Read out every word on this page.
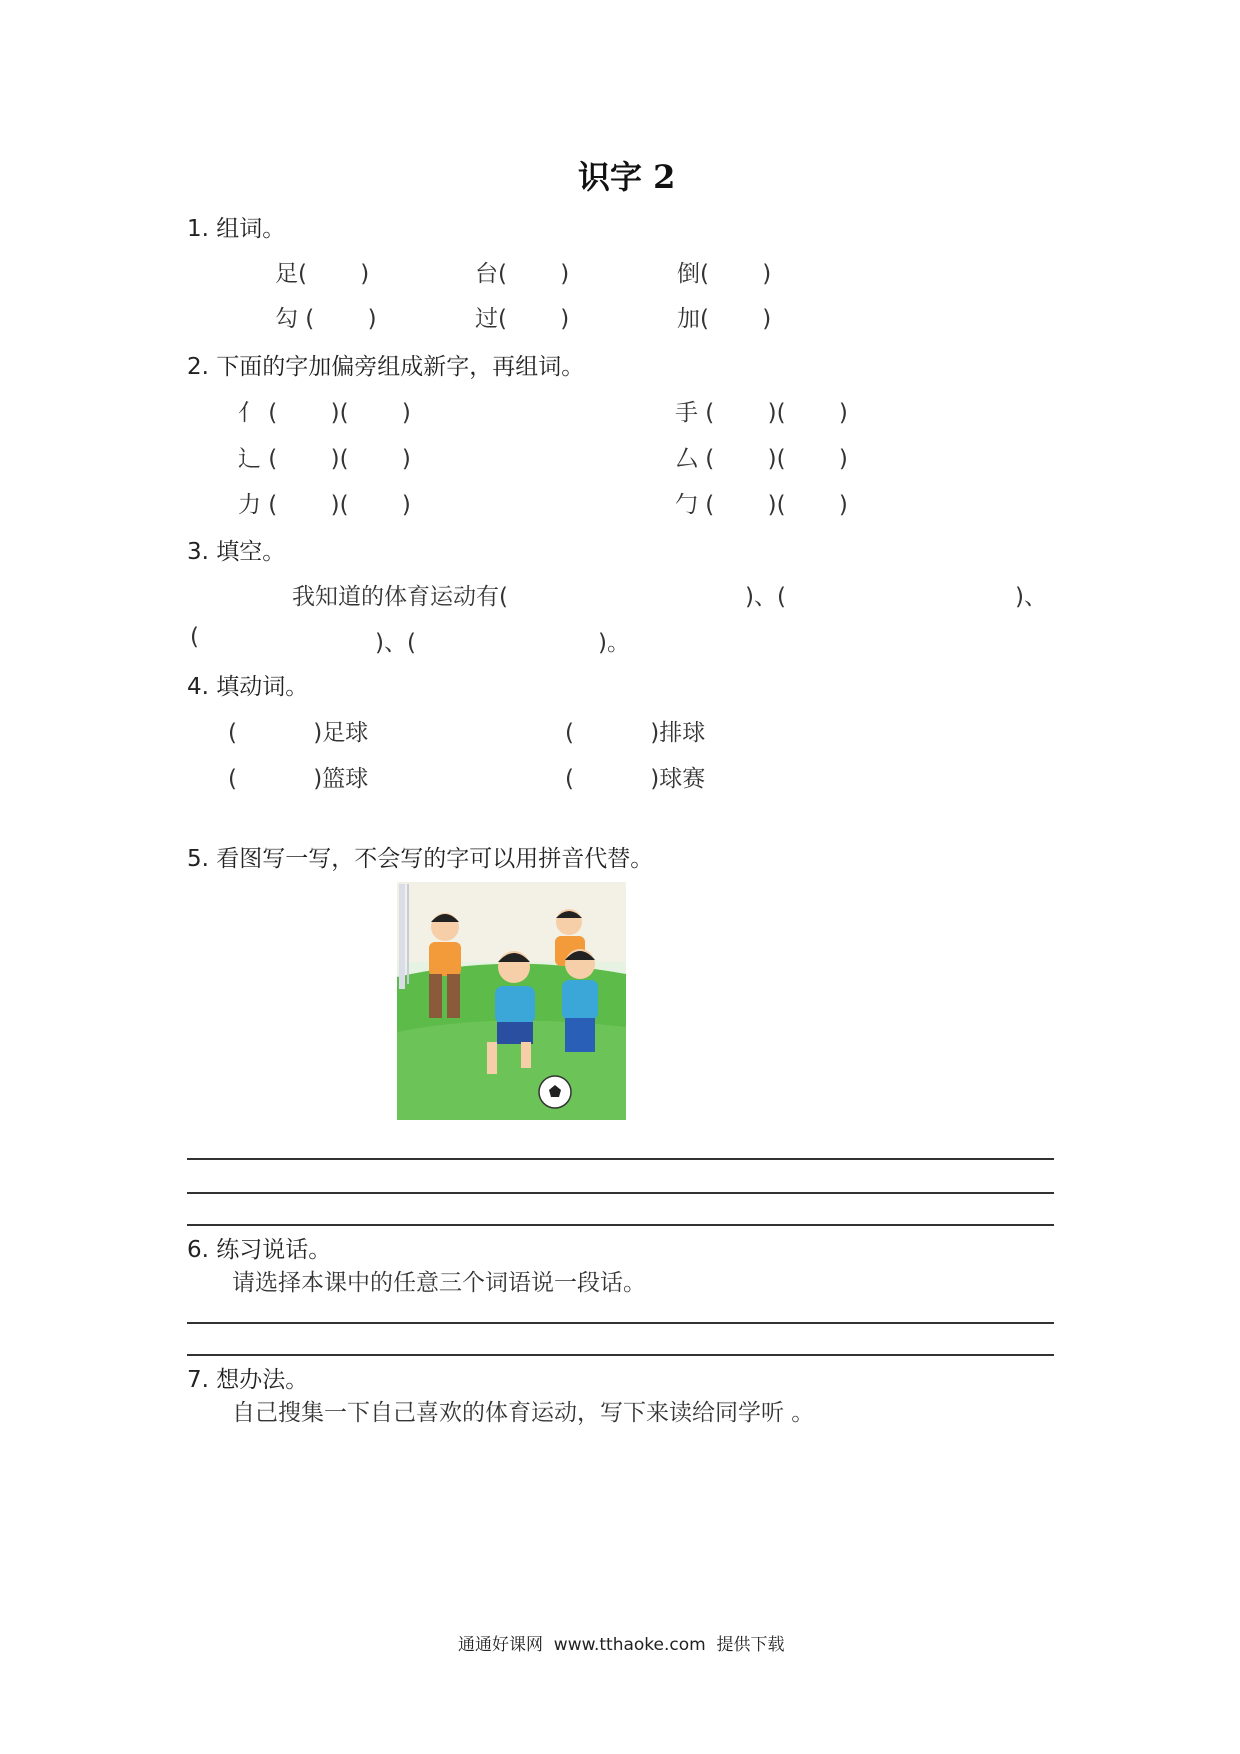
识字 2
1. 组词。
足(　　 )	台(　　 )	倒(　　 )
勾 (　　 )	过(　　 )	加(　　 )
2. 下面的字加偏旁组成新字，再组词。
亻 (　　 )(　　 )	手 (　　 )(　　 )
辶 (　　 )(　　 )	厶 (　　 )(　　 )
力 (　　 )(　　 )	勹 (　　 )(　　 )
3. 填空。
我知道的体育运动有(	)、(	)、
(	)、(	)。
4. 填动词。
(　　　 )足球	(　　　 )排球
(　　　 )篮球	(　　　 )球赛
5. 看图写一写，不会写的字可以用拼音代替。
6. 练习说话。
请选择本课中的任意三个词语说一段话。
7. 想办法。
自己搜集一下自己喜欢的体育运动，写下来读给同学听 。
通通好课网  www.tthaoke.com  提供下载
